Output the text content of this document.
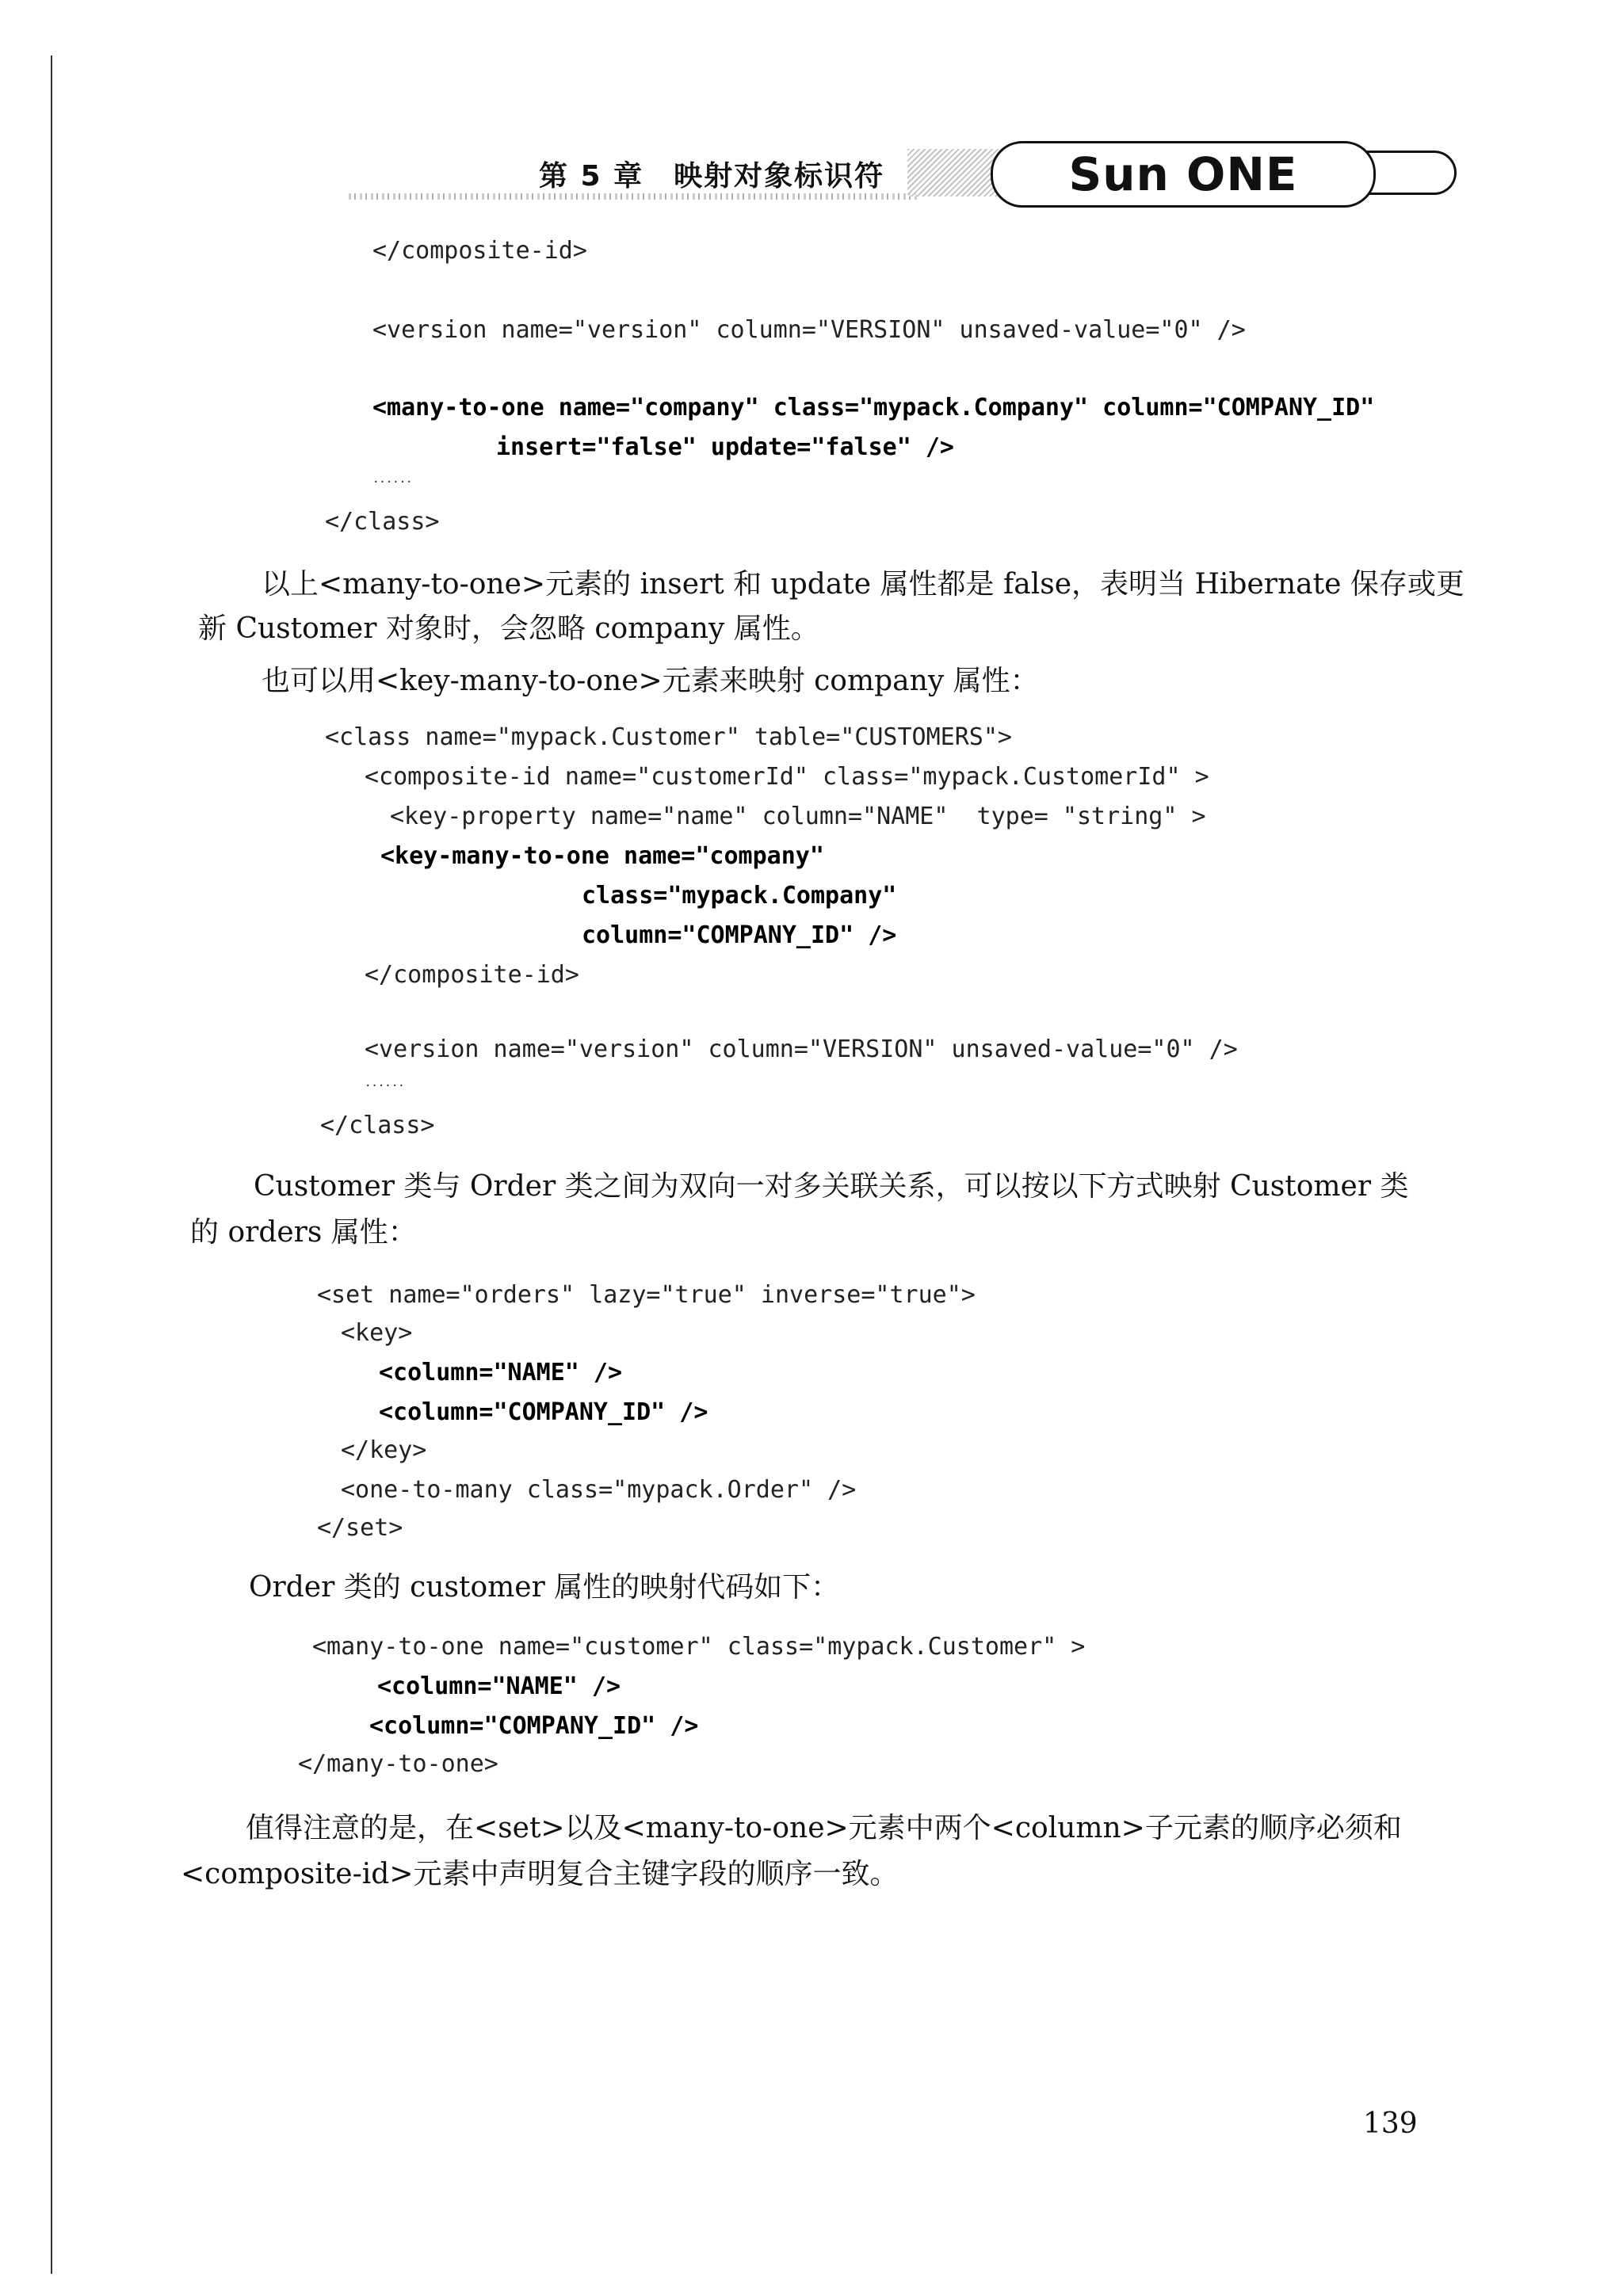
第 5 章　映射对象标识符	Sun ONE
</composite-id>
<version name="version" column="VERSION" unsaved-value="0" />
<many-to-one name="company" class="mypack.Company" column="COMPANY_ID"
insert="false" update="false" />
......
</class>
以上<many-to-one>元素的 insert 和 update 属性都是 false，表明当 Hibernate 保存或更
新 Customer 对象时，会忽略 company 属性。
也可以用<key-many-to-one>元素来映射 company 属性：
<class name="mypack.Customer" table="CUSTOMERS">
<composite-id name="customerId" class="mypack.CustomerId" >
<key-property name="name" column="NAME"  type= "string" >
<key-many-to-one name="company"
class="mypack.Company"
column="COMPANY_ID" />
</composite-id>
<version name="version" column="VERSION" unsaved-value="0" />
......
</class>
Customer 类与 Order 类之间为双向一对多关联关系，可以按以下方式映射 Customer 类
的 orders 属性：
<set name="orders" lazy="true" inverse="true">
<key>
<column="NAME" />
<column="COMPANY_ID" />
</key>
<one-to-many class="mypack.Order" />
</set>
Order 类的 customer 属性的映射代码如下：
<many-to-one name="customer" class="mypack.Customer" >
<column="NAME" />
<column="COMPANY_ID" />
</many-to-one>
值得注意的是，在<set>以及<many-to-one>元素中两个<column>子元素的顺序必须和
<composite-id>元素中声明复合主键字段的顺序一致。
139
